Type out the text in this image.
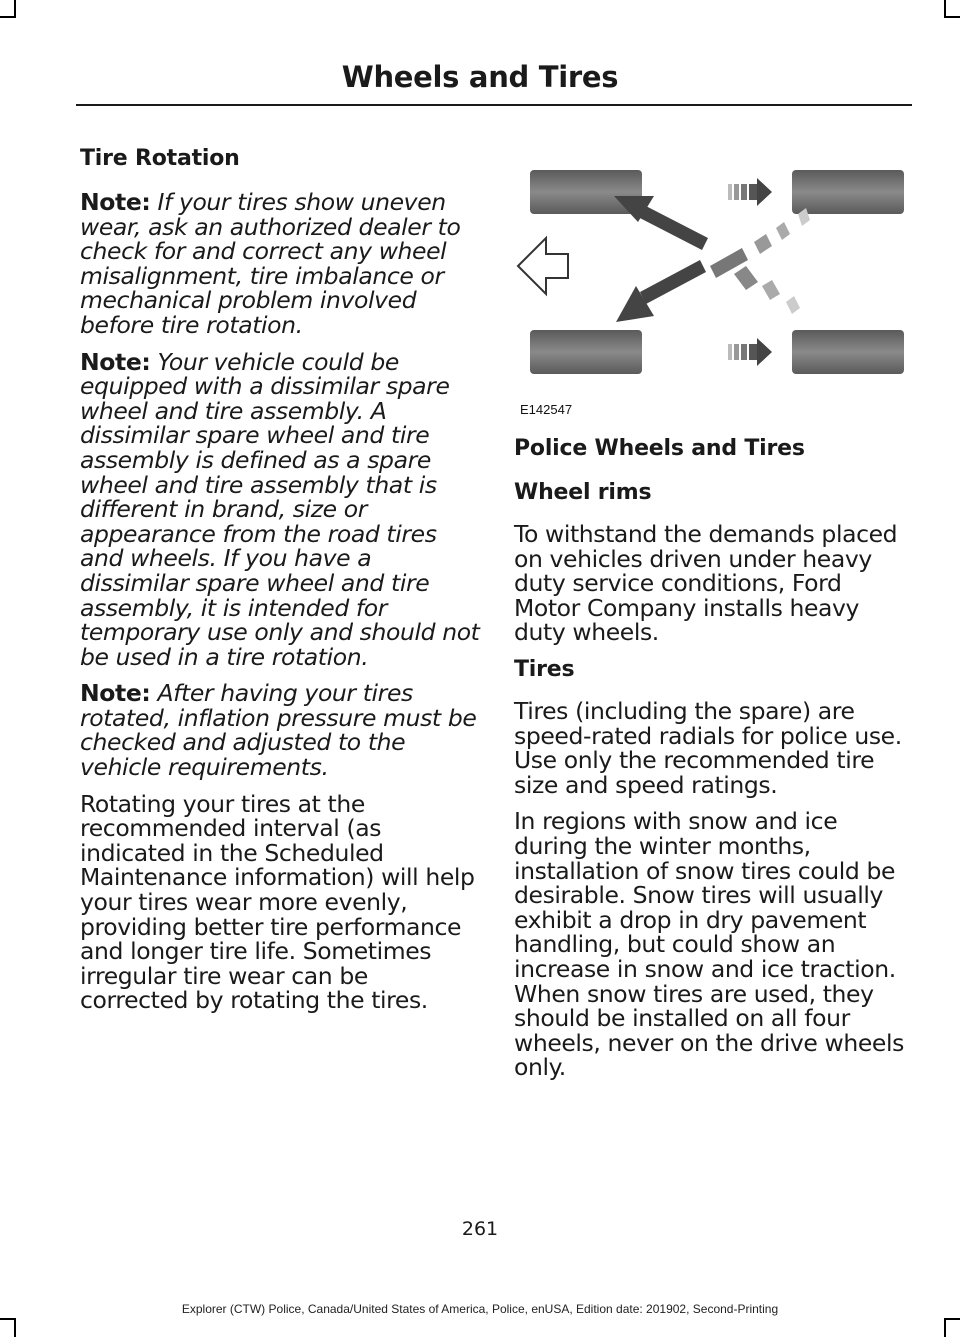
Wheels and Tires
Tire Rotation

Note: If your tires show uneven wear, ask an authorized dealer to check for and correct any wheel misalignment, tire imbalance or mechanical problem involved before tire rotation.

Note: Your vehicle could be equipped with a dissimilar spare wheel and tire assembly. A dissimilar spare wheel and tire assembly is defined as a spare wheel and tire assembly that is different in brand, size or appearance from the road tires and wheels. If you have a dissimilar spare wheel and tire assembly, it is intended for temporary use only and should not be used in a tire rotation.

Note: After having your tires rotated, inflation pressure must be checked and adjusted to the vehicle requirements.

Rotating your tires at the recommended interval (as indicated in the Scheduled Maintenance information) will help your tires wear more evenly, providing better tire performance and longer tire life. Sometimes irregular tire wear can be corrected by rotating the tires.

E142547
Police Wheels and Tires
Wheel rims

To withstand the demands placed on vehicles driven under heavy duty service conditions, Ford Motor Company installs heavy duty wheels.

Tires

Tires (including the spare) are speed-rated radials for police use. Use only the recommended tire size and speed ratings.

In regions with snow and ice during the winter months, installation of snow tires could be desirable. Snow tires will usually exhibit a drop in dry pavement handling, but could show an increase in snow and ice traction. When snow tires are used, they should be installed on all four wheels, never on the drive wheels only.

261
Explorer (CTW) Police, Canada/United States of America, Police, enUSA, Edition date: 201902, Second-Printing
